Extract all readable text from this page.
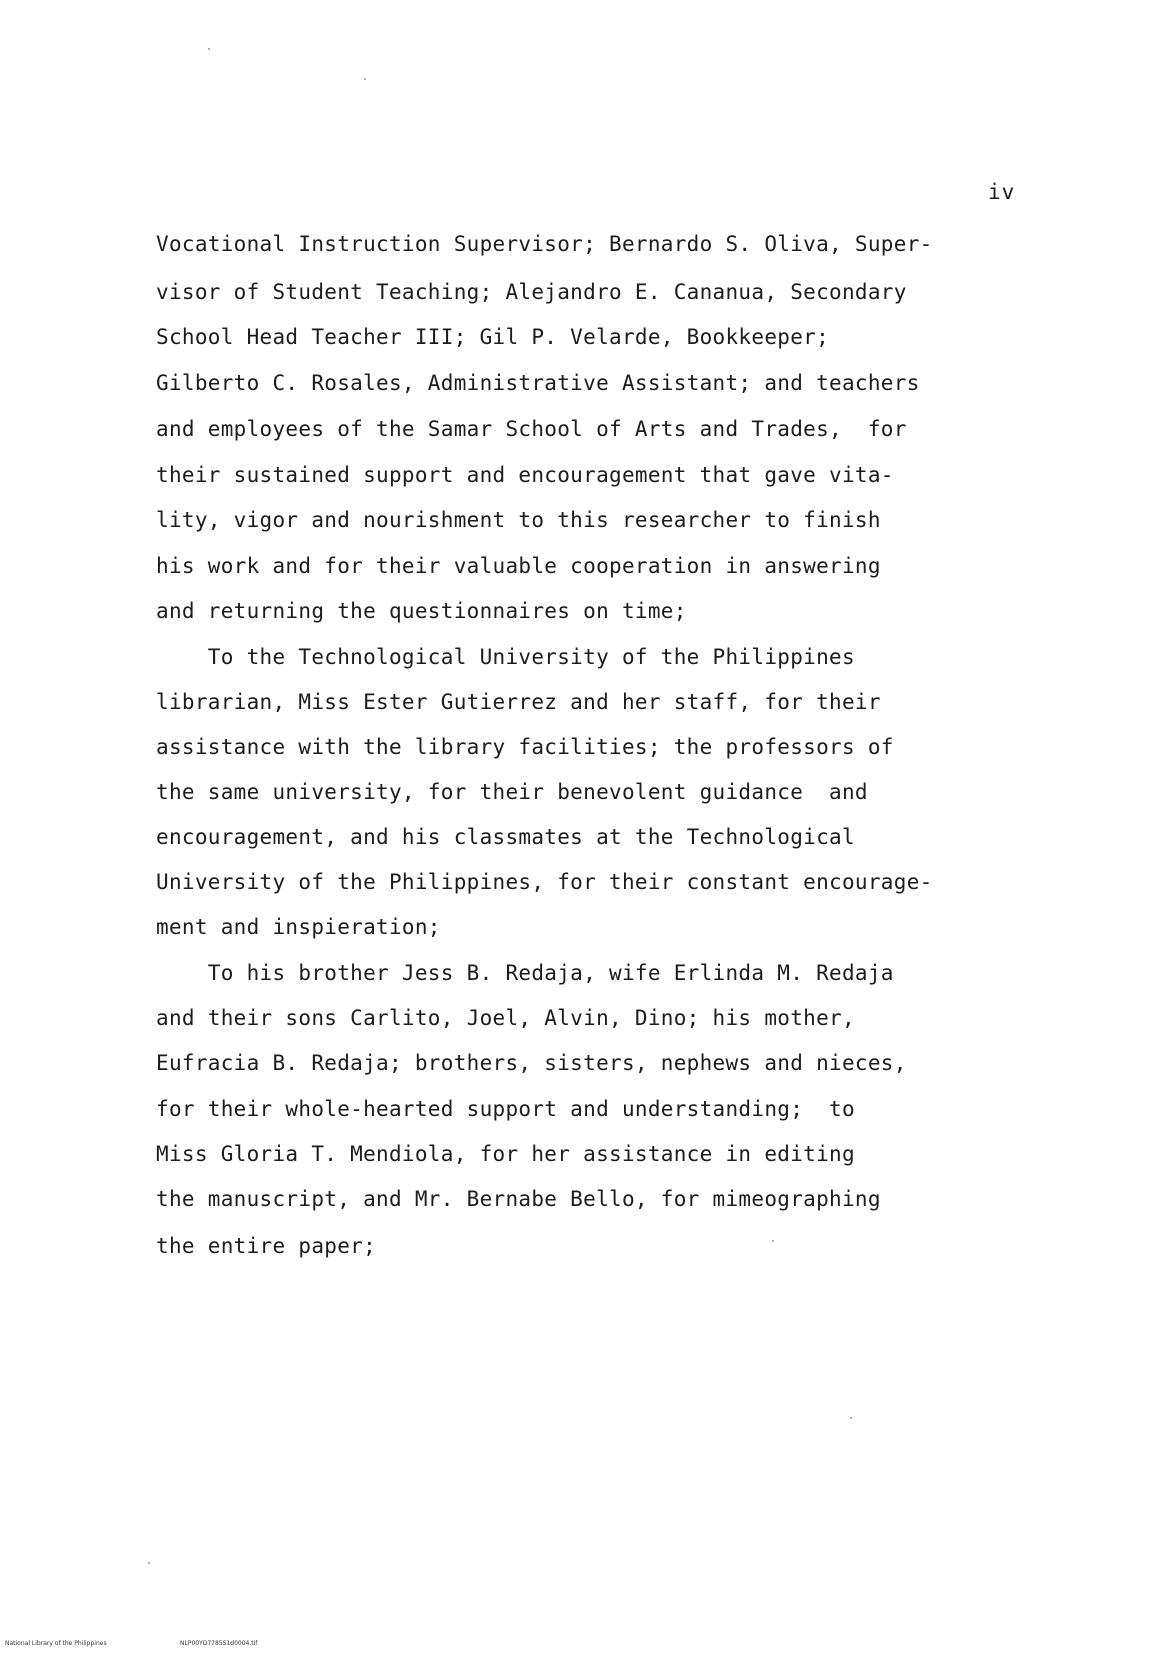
iv
Vocational Instruction Supervisor; Bernardo S. Oliva, Super-
visor of Student Teaching; Alejandro E. Cananua, Secondary
School Head Teacher III; Gil P. Velarde, Bookkeeper;
Gilberto C. Rosales, Administrative Assistant; and teachers
and employees of the Samar School of Arts and Trades,  for
their sustained support and encouragement that gave vita-
lity, vigor and nourishment to this researcher to finish
his work and for their valuable cooperation in answering
and returning the questionnaires on time;
To the Technological University of the Philippines
librarian, Miss Ester Gutierrez and her staff, for their
assistance with the library facilities; the professors of
the same university, for their benevolent guidance  and
encouragement, and his classmates at the Technological
University of the Philippines, for their constant encourage-
ment and inspieration;
To his brother Jess B. Redaja, wife Erlinda M. Redaja
and their sons Carlito, Joel, Alvin, Dino; his mother,
Eufracia B. Redaja; brothers, sisters, nephews and nieces,
for their whole-hearted support and understanding;  to
Miss Gloria T. Mendiola, for her assistance in editing
the manuscript, and Mr. Bernabe Bello, for mimeographing
the entire paper;
National Library of the Philippines	NLP00YD7785S1d0004.tif
